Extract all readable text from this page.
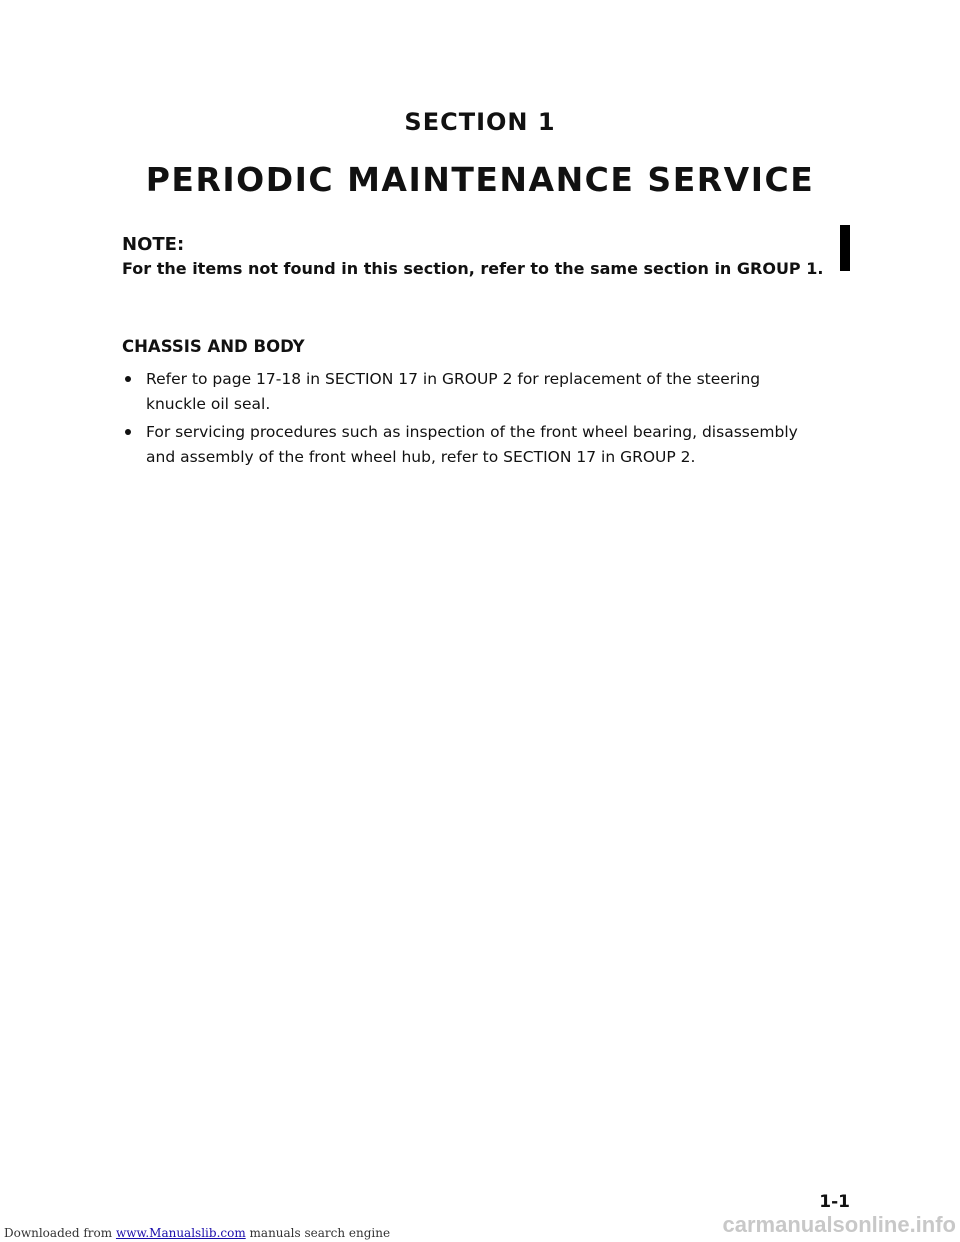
SECTION 1
PERIODIC MAINTENANCE SERVICE
NOTE:
For the items not found in this section, refer to the same section in GROUP 1.
CHASSIS AND BODY
Refer to page 17-18 in SECTION 17 in GROUP 2 for replacement of the steering knuckle oil seal.
For servicing procedures such as inspection of the front wheel bearing, disassembly and assembly of the front wheel hub, refer to SECTION 17 in GROUP 2.
1-1
Downloaded from www.Manualslib.com manuals search engine	carmanualsonline.info
